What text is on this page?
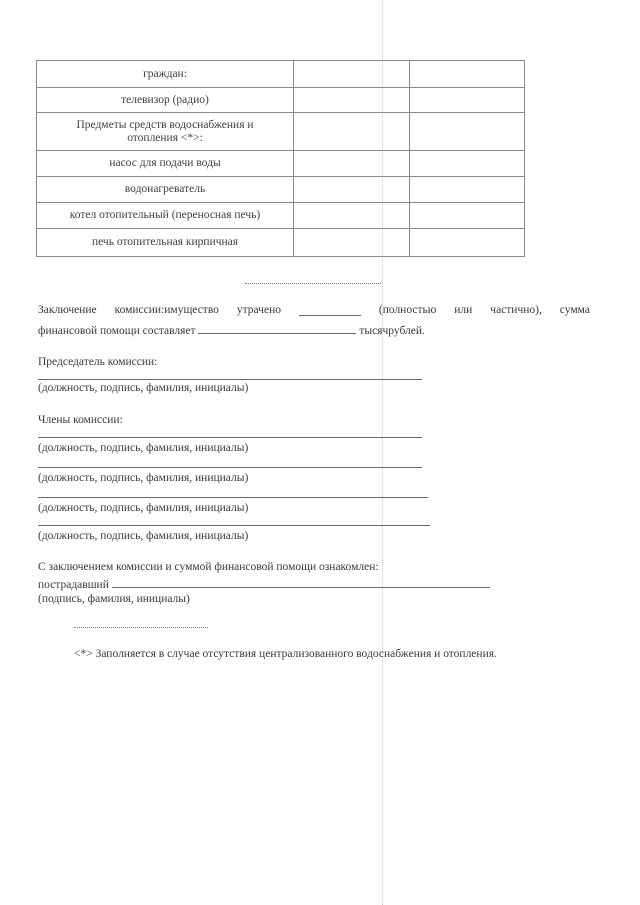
граждан:		
телевизор (радио)		
Предметы средств водоснабжения и
отопления <*>:		
насос для подачи воды		
водонагреватель		
котел отопительный (переносная печь)		
печь отопительная кирпичная		
Заключение комиссии:имущество утрачено	(полностью или частично), сумма
финансовой помощи составляет	тысячрублей.
Председатель комиссии:
(должность, подпись, фамилия, инициалы)
Члены комиссии:
(должность, подпись, фамилия, инициалы)
(должность, подпись, фамилия, инициалы)
(должность, подпись, фамилия, инициалы)
(должность, подпись, фамилия, инициалы)
С заключением комиссии и суммой финансовой помощи ознакомлен:
пострадавший
(подпись, фамилия, инициалы)
<*> Заполняется в случае отсутствия централизованного водоснабжения и отопления.
